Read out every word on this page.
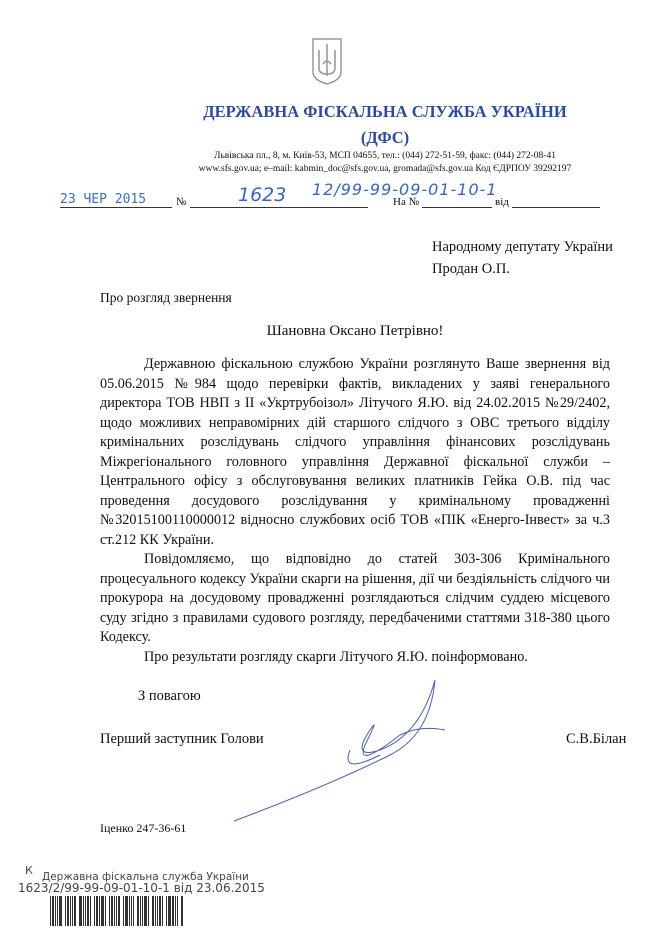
ДЕРЖАВНА ФІСКАЛЬНА СЛУЖБА УКРАЇНИ
(ДФС)
Львівська пл., 8, м. Київ-53, МСП 04655, тел.: (044) 272-51-59, факс: (044) 272-08-41
www.sfs.gov.ua; e–mail: kabmin_doc@sfs.gov.ua, gromada@sfs.gov.ua Код ЄДРПОУ 39292197
23 ЧЕР 2015	№	1623 12/99-99-09-01-10-1
На №	від
Народному депутату України
Продан О.П.
Про розгляд звернення
Шановна Оксано Петрівно!

Державною фіскальною службою України розглянуто Ваше звернення від 05.06.2015 №984 щодо перевірки фактів, викладених у заяві генерального директора ТОВ НВП з ІІ «Укртрубоізол» Літучого Я.Ю. від 24.02.2015 №29/2402, щодо можливих неправомірних дій старшого слідчого з ОВС третього відділу кримінальних розслідувань слідчого управління фінансових розслідувань Міжрегіонального головного управління Державної фіскальної служби – Центрального офісу з обслуговування великих платників Гейка О.В. під час проведення досудового розслідування у кримінальному провадженні №32015100110000012 відносно службових осіб ТОВ «ПІК «Енерго-Інвест» за ч.3 ст.212 КК України.

Повідомляємо, що відповідно до статей 303-306 Кримінального процесуального кодексу України скарги на рішення, дії чи бездіяльність слідчого чи прокурора на досудовому провадженні розглядаються слідчим суддею місцевого суду згідно з правилами судового розгляду, передбаченими статтями 318-380 цього Кодексу.

Про результати розгляду скарги Літучого Я.Ю. поінформовано.

З повагою
Перший заступник Голови	С.В.Білан
Іценко 247-36-61
К Державна фіскальна служба України
1623/2/99-99-09-01-10-1 від 23.06.2015
